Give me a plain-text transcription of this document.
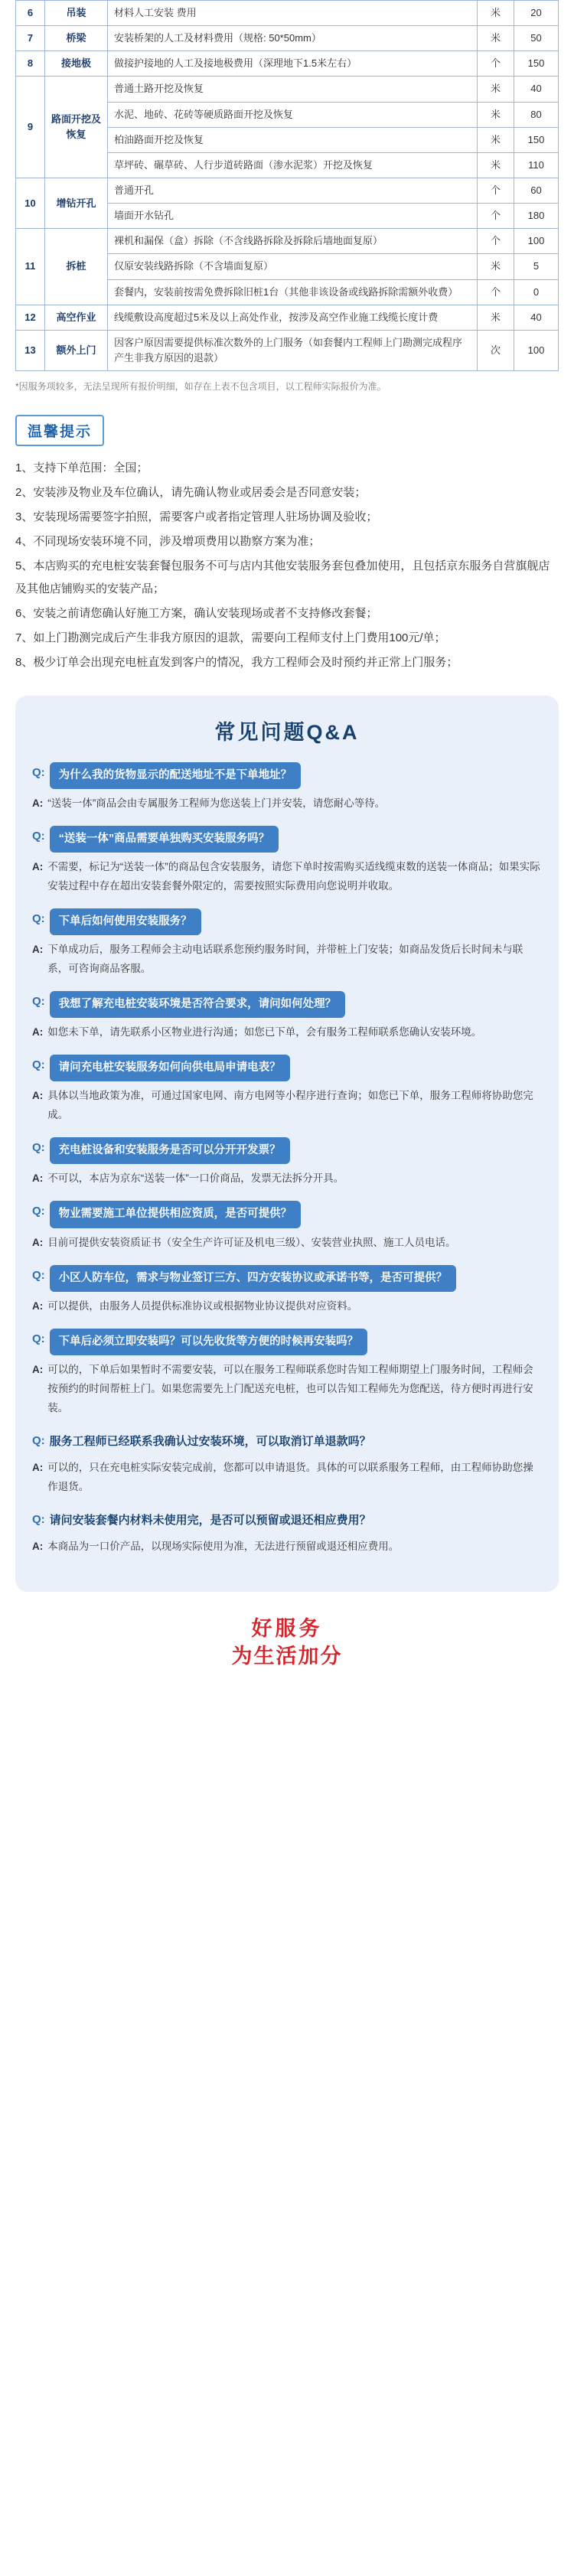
6	吊装	材料人工安装 费用	米	20
7	桥梁	安装桥架的人工及材料费用（规格: 50*50mm）	米	50
8	接地极	做接护接地的人工及接地极费用（深理地下1.5米左右）	个	150
9	路面开挖及恢复	普通土路开挖及恢复	米	40
		水泥、地砖、花砖等硬质路面开挖及恢复	米	80
		柏油路面开挖及恢复	米	150
		草坪砖、碾草砖、人行步道砖路面（渗水泥浆）开挖及恢复	米	110
10	增钻开孔	普通开孔	个	60
		墙面开水钻孔	个	180
11	拆桩	裸机和漏保（盒）拆除（不含线路拆除及拆除后墙地面复原）	个	100
		仅原安装线路拆除（不含墙面复原）	米	5
		套餐内，安装前按需免费拆除旧桩1台（其他非该设备或线路拆除需额外收费）	个	0
12	高空作业	线缆敷设高度超过5米及以上高处作业，按涉及高空作业施工线缆长度计费	米	40
13	额外上门	因客户原因需要提供标准次数外的上门服务（如套餐内工程师上门勘测完成程序产生非我方原因的退款）	次	100
*因服务项较多，无法呈现所有报价明细，如存在上表不包含项目，以工程师实际报价为准。
温馨提示
1、支持下单范围：全国；
2、安装涉及物业及车位确认，请先确认物业或居委会是否同意安装；
3、安装现场需要签字拍照，需要客户或者指定管理人驻场协调及验收；
4、不同现场安装环境不同，涉及增项费用以勘察方案为准；
5、本店购买的充电桩安装套餐包服务不可与店内其他安装服务套包叠加使用，且包括京东服务自营旗舰店及其他店铺购买的安装产品；
6、安装之前请您确认好施工方案，确认安装现场或者不支持修改套餐；
7、如上门勘测完成后产生非我方原因的退款，需要向工程师支付上门费用100元/单；
8、极少订单会出现充电桩直发到客户的情况，我方工程师会及时预约并正常上门服务；
常见问题Q&A
Q:	为什么我的货物显示的配送地址不是下单地址？
A: “送装一体”商品会由专属服务工程师为您送装上门并安装，请您耐心等待。
Q:	“送装一体”商品需要单独购买安装服务吗？
A: 不需要，标记为“送装一体”的商品包含安装服务，请您下单时按需购买适线缆束数的送装一体商品；如果实际安装过程中存在超出安装套餐外限定的，需要按照实际费用向您说明并收取。
Q:	下单后如何使用安装服务？
A: 下单成功后，服务工程师会主动电话联系您预约服务时间，并带桩上门安装；如商品发货后长时间未与联系，可咨询商品客服。
Q:	我想了解充电桩安装环境是否符合要求，请问如何处理？
A: 如您未下单，请先联系小区物业进行沟通；如您已下单，会有服务工程师联系您确认安装环境。
Q:	请问充电桩安装服务如何向供电局申请电表？
A: 具体以当地政策为准，可通过国家电网、南方电网等小程序进行查询；如您已下单，服务工程师将协助您完成。
Q:	充电桩设备和安装服务是否可以分开开发票？
A: 不可以，本店为京东“送装一体”一口价商品，发票无法拆分开具。
Q:	物业需要施工单位提供相应资质，是否可提供？
A: 目前可提供安装资质证书（安全生产许可证及机电三级）、安装营业执照、施工人员电话。
Q:	小区人防车位，需求与物业签订三方、四方安装协议或承诺书等，是否可提供？
A: 可以提供，由服务人员提供标准协议或根据物业协议提供对应资料。
Q:	下单后必须立即安装吗？可以先收货等方便的时候再安装吗？
A: 可以的，下单后如果暂时不需要安装，可以在服务工程师联系您时告知工程师期望上门服务时间，工程师会按预约的时间帮桩上门。如果您需要先上门配送充电桩，也可以告知工程师先为您配送，待方便时再进行安装。
Q: 服务工程师已经联系我确认过安装环境，可以取消订单退款吗？
A: 可以的，只在充电桩实际安装完成前，您都可以申请退货。具体的可以联系服务工程师，由工程师协助您操作退货。
Q: 请问安装套餐内材料未使用完，是否可以预留或退还相应费用？
A: 本商品为一口价产品，以现场实际使用为准，无法进行预留或退还相应费用。
好服务
为生活加分
